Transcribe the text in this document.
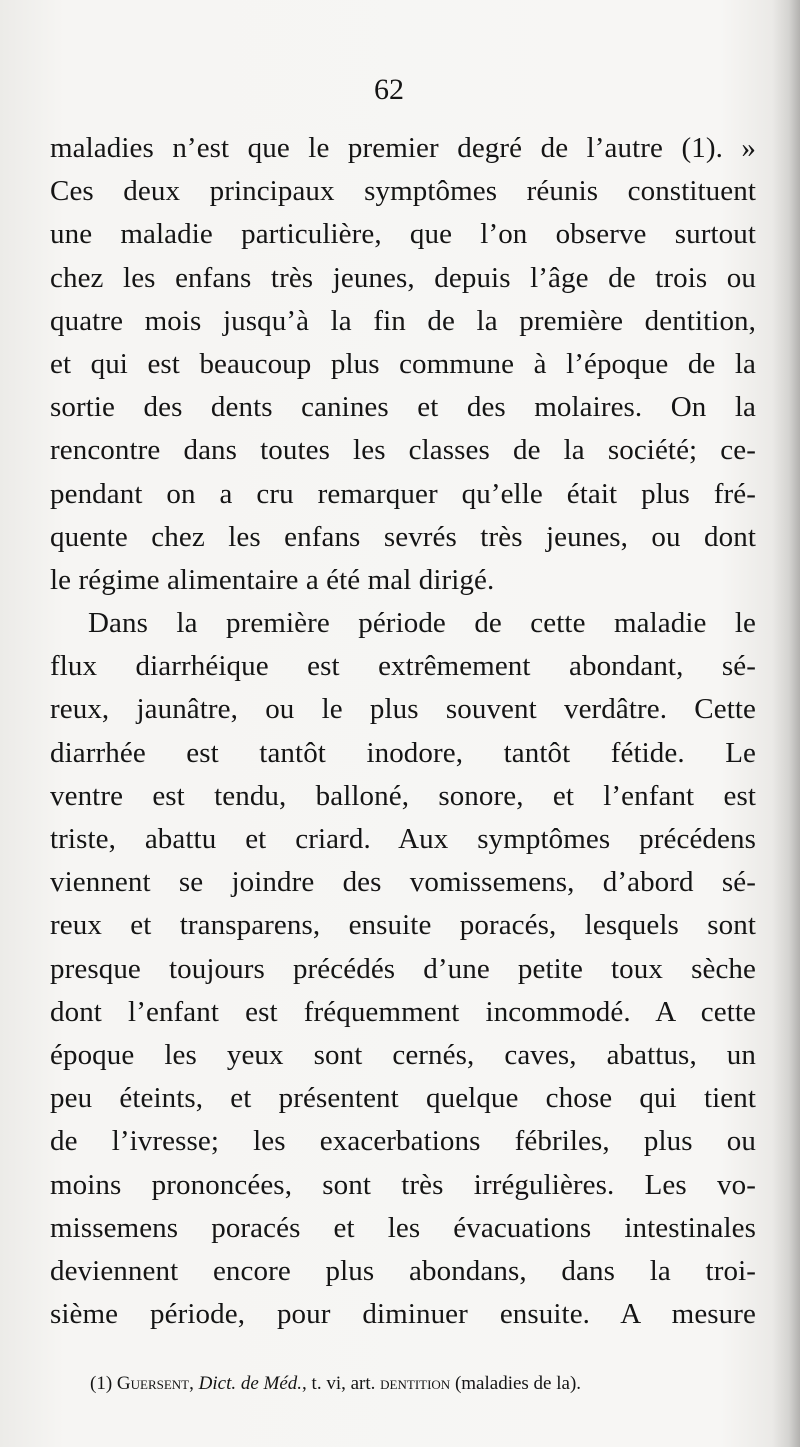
62
maladies n’est que le premier degré de l’autre (1). »
Ces deux principaux symptômes réunis constituent
une maladie particulière, que l’on observe surtout
chez les enfans très jeunes, depuis l’âge de trois ou
quatre mois jusqu’à la fin de la première dentition,
et qui est beaucoup plus commune à l’époque de la
sortie des dents canines et des molaires. On la
rencontre dans toutes les classes de la société; ce-
pendant on a cru remarquer qu’elle était plus fré-
quente chez les enfans sevrés très jeunes, ou dont
le régime alimentaire a été mal dirigé.
Dans la première période de cette maladie le
flux diarrhéique est extrêmement abondant, sé-
reux, jaunâtre, ou le plus souvent verdâtre. Cette
diarrhée est tantôt inodore, tantôt fétide. Le
ventre est tendu, balloné, sonore, et l’enfant est
triste, abattu et criard. Aux symptômes précédens
viennent se joindre des vomissemens, d’abord sé-
reux et transparens, ensuite poracés, lesquels sont
presque toujours précédés d’une petite toux sèche
dont l’enfant est fréquemment incommodé. A cette
époque les yeux sont cernés, caves, abattus, un
peu éteints, et présentent quelque chose qui tient
de l’ivresse; les exacerbations fébriles, plus ou
moins prononcées, sont très irrégulières. Les vo-
missemens poracés et les évacuations intestinales
deviennent encore plus abondans, dans la troi-
sième période, pour diminuer ensuite. A mesure
(1) Guersent, Dict. de Méd., t. vi, art. dentition (maladies de la).
